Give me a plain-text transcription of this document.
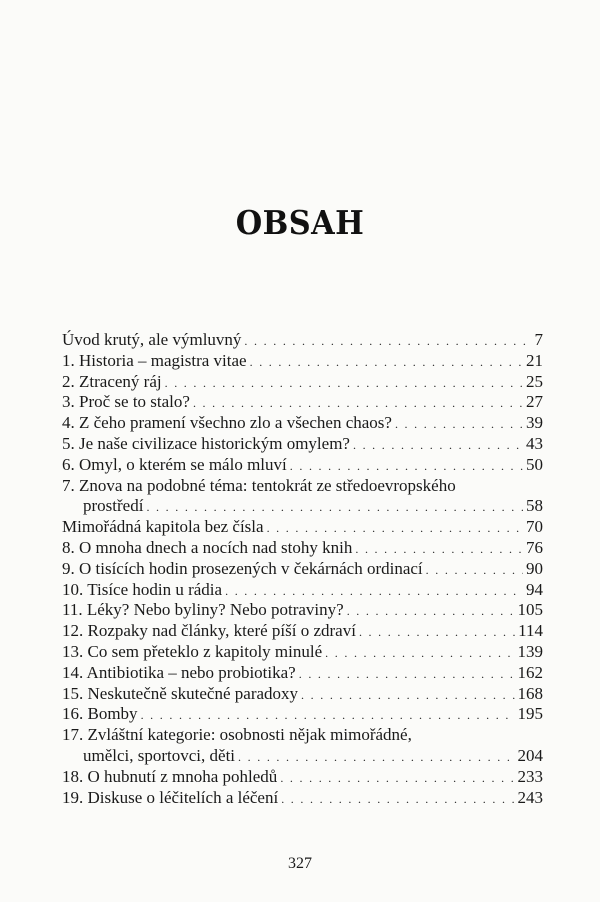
OBSAH
Úvod krutý, ale výmluvný . . .	7
1. Historia – magistra vitae . . .	21
2. Ztracený ráj . . .	25
3. Proč se to stalo? . . .	27
4. Z čeho pramení všechno zlo a všechen chaos? . . .	39
5. Je naše civilizace historickým omylem? . . .	43
6. Omyl, o kterém se málo mluví . . .	50
7. Znova na podobné téma: tentokrát ze středoevropského
prostředí . . .	58
Mimořádná kapitola bez čísla . . .	70
8. O mnoha dnech a nocích nad stohy knih . . .	76
9. O tisících hodin prosezených v čekárnách ordinací . . .	90
10. Tisíce hodin u rádia . . .	94
11. Léky? Nebo byliny? Nebo potraviny? . . .	105
12. Rozpaky nad články, které píší o zdraví . . .	114
13. Co sem přeteklo z kapitoly minulé . . .	139
14. Antibiotika – nebo probiotika? . . .	162
15. Neskutečně skutečné paradoxy . . .	168
16. Bomby . . .	195
17. Zvláštní kategorie: osobnosti nějak mimořádné,
umělci, sportovci, děti . . .	204
18. O hubnutí z mnoha pohledů . . .	233
19. Diskuse o léčitelích a léčení . . .	243
327
